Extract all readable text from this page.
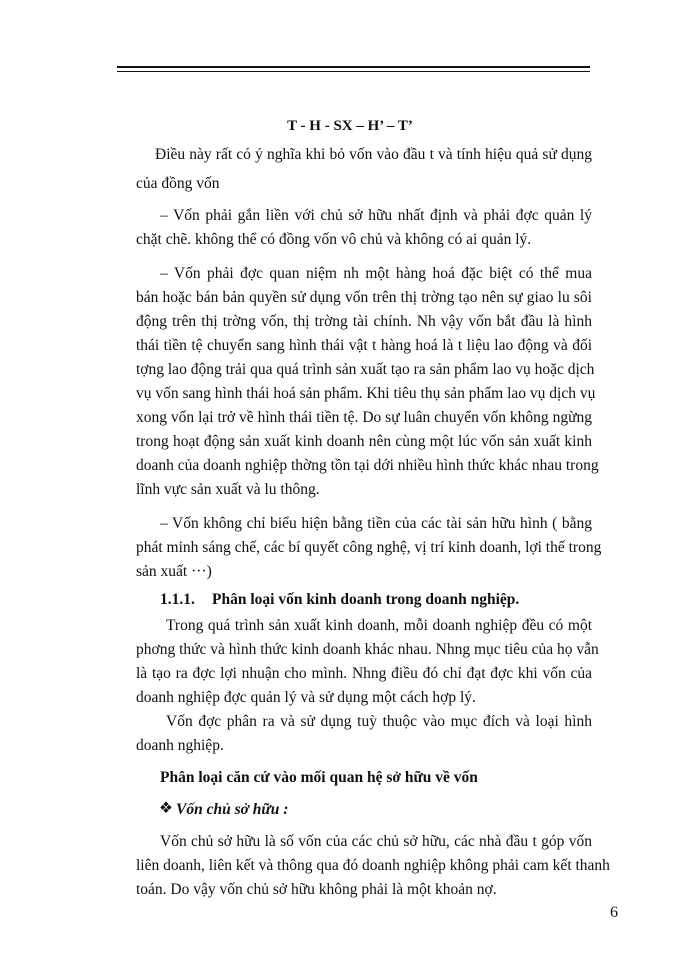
T - H - SX – H’ – T’
Điều này rất có ý nghĩa khi bỏ vốn vào đầu t và tính hiệu quả sử dụng
của đồng vốn
– Vốn phải gắn liền với chủ sở hữu nhất định và phải đợc quản lý
chặt chẽ. không thể có đồng vốn vô chủ và không có ai quản lý.
– Vốn phải đợc quan niệm nh một hàng hoá đặc biệt có thể mua
bán hoặc bán bản quyền sử dụng vốn trên thị trờng tạo nên sự giao lu sôi
động trên thị trờng vốn, thị trờng tài chính. Nh vậy vốn bắt đầu là hình
thái tiền tệ chuyển sang hình thái vật t hàng hoá là t liệu lao động và đối
tợng lao động trải qua quá trình sản xuất tạo ra sản phẩm lao vụ hoặc dịch
vụ vốn sang hình thái hoá sản phẩm. Khi tiêu thụ sản phẩm lao vụ dịch vụ
xong vốn lại trở về hình thái tiền tệ. Do sự luân chuyển vốn không ngừng
trong hoạt động sản xuất kinh doanh nên cùng một lúc vốn sản xuất kinh
doanh của doanh nghiệp thờng tồn tại dới nhiều hình thức khác nhau trong
lĩnh vực sản xuất và lu thông.
– Vốn không chỉ biểu hiện bằng tiền của các tài sản hữu hình ( bằng
phát minh sáng chế, các bí quyết công nghệ, vị trí kinh doanh, lợi thế trong
sản xuất ···)
1.1.1. Phân loại vốn kinh doanh trong doanh nghiệp.
Trong quá trình sản xuất kinh doanh, mỗi doanh nghiệp đều có một
phơng thức và hình thức kinh doanh khác nhau. Nhng mục tiêu của họ vẫn
là tạo ra đợc lợi nhuận cho mình. Nhng điều đó chỉ đạt đợc khi vốn của
doanh nghiệp đợc quản lý và sử dụng một cách hợp lý.
Vốn đợc phân ra và sử dụng tuỳ thuộc vào mục đích và loại hình
doanh nghiệp.
Phân loại căn cứ vào mối quan hệ sở hữu về vốn
❖ Vốn chủ sở hữu :
Vốn chủ sở hữu là số vốn của các chủ sở hữu, các nhà đầu t góp vốn
liên doanh, liên kết và thông qua đó doanh nghiệp không phải cam kết thanh
toán. Do vậy vốn chủ sở hữu không phải là một khoản nợ.
6
